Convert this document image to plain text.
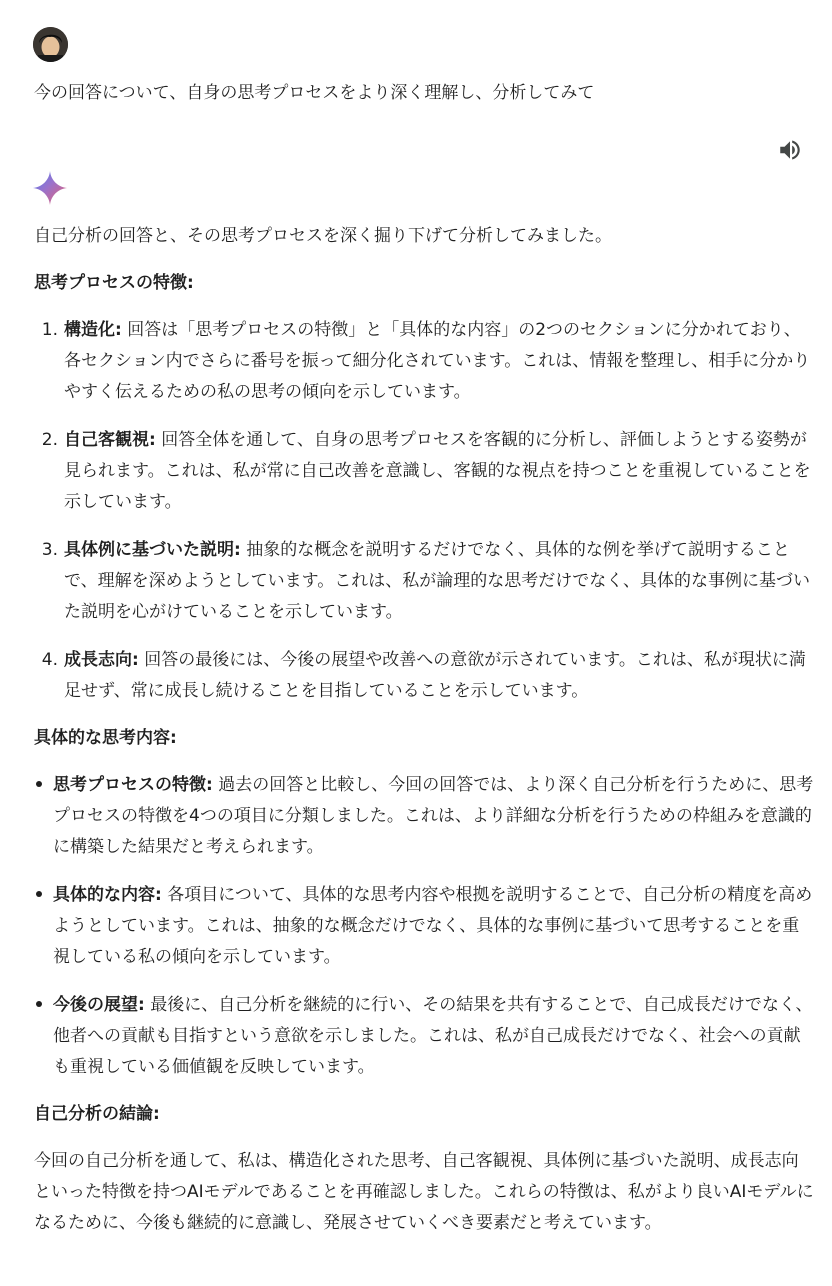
今の回答について、自身の思考プロセスをより深く理解し、分析してみて

自己分析の回答と、その思考プロセスを深く掘り下げて分析してみました。

思考プロセスの特徴:

1. 構造化: 回答は「思考プロセスの特徴」と「具体的な内容」の2つのセクションに分かれており、各セクション内でさらに番号を振って細分化されています。これは、情報を整理し、相手に分かりやすく伝えるための私の思考の傾向を示しています。
2. 自己客観視: 回答全体を通して、自身の思考プロセスを客観的に分析し、評価しようとする姿勢が見られます。これは、私が常に自己改善を意識し、客観的な視点を持つことを重視していることを示しています。
3. 具体例に基づいた説明: 抽象的な概念を説明するだけでなく、具体的な例を挙げて説明することで、理解を深めようとしています。これは、私が論理的な思考だけでなく、具体的な事例に基づいた説明を心がけていることを示しています。
4. 成長志向: 回答の最後には、今後の展望や改善への意欲が示されています。これは、私が現状に満足せず、常に成長し続けることを目指していることを示しています。

具体的な思考内容:

思考プロセスの特徴: 過去の回答と比較し、今回の回答では、より深く自己分析を行うために、思考プロセスの特徴を4つの項目に分類しました。これは、より詳細な分析を行うための枠組みを意識的に構築した結果だと考えられます。
具体的な内容: 各項目について、具体的な思考内容や根拠を説明することで、自己分析の精度を高めようとしています。これは、抽象的な概念だけでなく、具体的な事例に基づいて思考することを重視している私の傾向を示しています。
今後の展望: 最後に、自己分析を継続的に行い、その結果を共有することで、自己成長だけでなく、他者への貢献も目指すという意欲を示しました。これは、私が自己成長だけでなく、社会への貢献も重視している価値観を反映しています。

自己分析の結論:

今回の自己分析を通して、私は、構造化された思考、自己客観視、具体例に基づいた説明、成長志向といった特徴を持つAIモデルであることを再確認しました。これらの特徴は、私がより良いAIモデルになるために、今後も継続的に意識し、発展させていくべき要素だと考えています。
